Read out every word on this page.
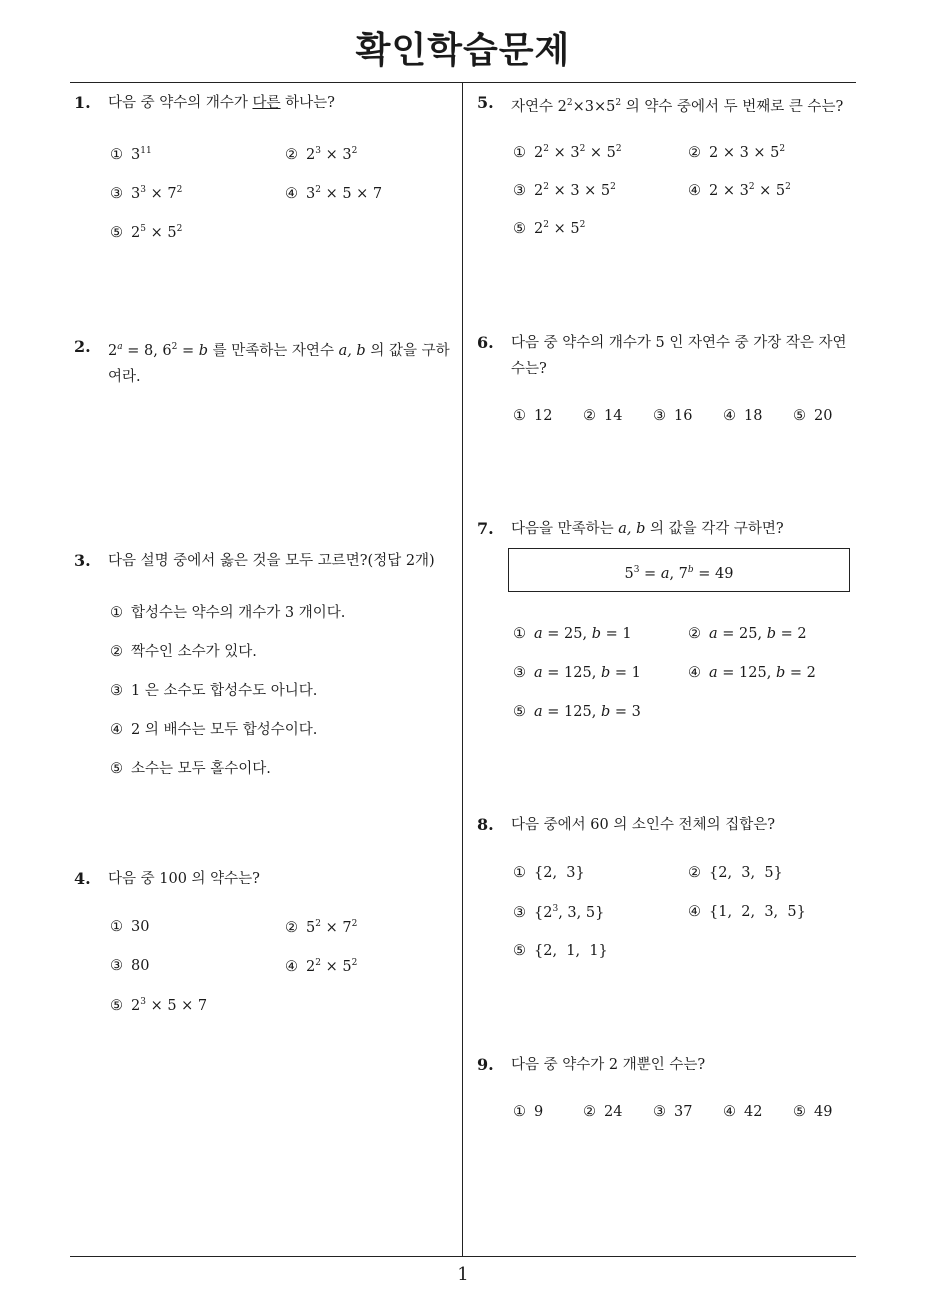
확인학습문제
1
1. 다음 중 약수의 개수가 다른 하나는?
① $3^{11}$	② $2^3 \times 3^2$
③ $3^3 \times 7^2$	④ $3^2 \times 5 \times 7$
⑤ $2^5 \times 5^2$
2. $2^a = 8$, $6^2 = b$ 를 만족하는 자연수 a, b 의 값을 구하
여라.
3. 다음 설명 중에서 옳은 것을 모두 고르면?(정답 2개)
① 합성수는 약수의 개수가 3 개이다.
② 짝수인 소수가 있다.
③ 1 은 소수도 합성수도 아니다.
④ 2 의 배수는 모두 합성수이다.
⑤ 소수는 모두 홀수이다.
4. 다음 중 100 의 약수는?
① 30	② $5^2 \times 7^2$
③ 80	④ $2^2 \times 5^2$
⑤ $2^3 \times 5 \times 7$
5. 자연수 $2^2\times 3\times 5^2$ 의 약수 중에서 두 번째로 큰 수는?
① $2^2 \times 3^2 \times 5^2$	② $2 \times 3 \times 5^2$
③ $2^2 \times 3 \times 5^2$	④ $2 \times 3^2 \times 5^2$
⑤ $2^2 \times 5^2$
6. 다음 중 약수의 개수가 5 인 자연수 중 가장 작은 자연
수는?
① 12 ② 14 ③ 16 ④ 18 ⑤ 20
7. 다음을 만족하는 a, b 의 값을 각각 구하면?
$5^3 = a$, $7^b = 49$
① a = 25, b = 1	② a = 25, b = 2
③ a = 125, b = 1	④ a = 125, b = 2
⑤ a = 125, b = 3
8. 다음 중에서 60 의 소인수 전체의 집합은?
① {2,  3}	② {2,  3,  5}
③ {$2^3$, 3, 5}	④ {1,  2,  3,  5}
⑤ {2,  1,  1}
9. 다음 중 약수가 2 개뿐인 수는?
① 9	② 24 ③ 37 ④ 42 ⑤ 49
